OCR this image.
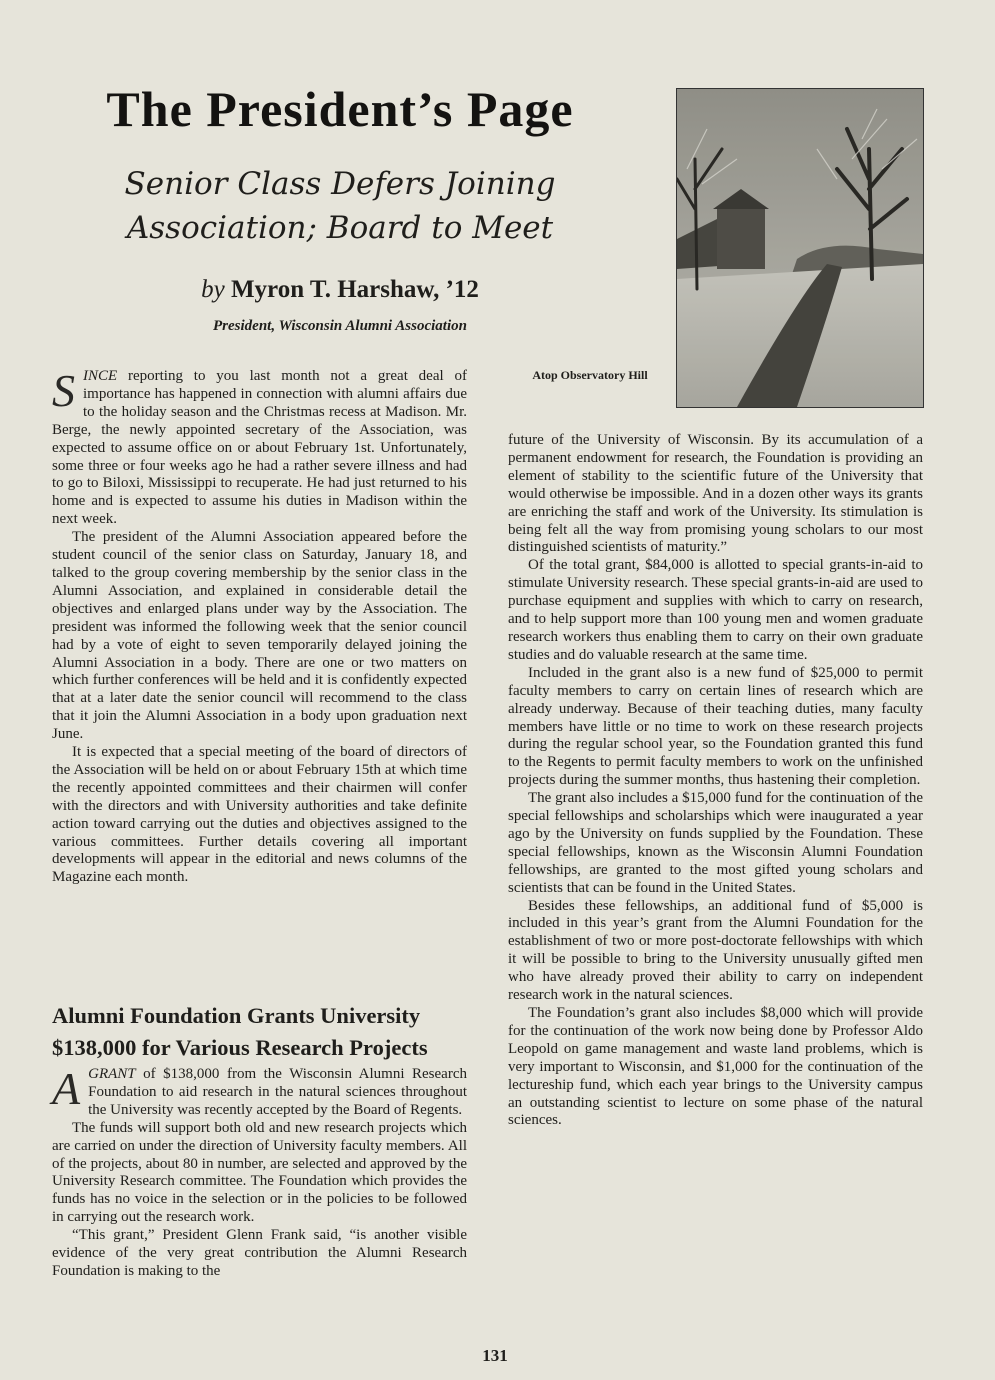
The President’s Page
Senior Class Defers Joining
Association; Board to Meet
by Myron T. Harshaw, ’12
President, Wisconsin Alumni Association
Atop Observatory Hill

SINCE reporting to you last month not a great deal of importance has happened in connection with alumni affairs due to the holiday season and the Christmas recess at Madison. Mr. Berge, the newly appointed secretary of the Association, was expected to assume office on or about February 1st. Unfortunately, some three or four weeks ago he had a rather severe illness and had to go to Biloxi, Mississippi to recuperate. He had just returned to his home and is expected to assume his duties in Madison within the next week.

The president of the Alumni Association appeared before the student council of the senior class on Saturday, January 18, and talked to the group covering membership by the senior class in the Alumni Association, and explained in considerable detail the objectives and enlarged plans under way by the Association. The president was informed the following week that the senior council had by a vote of eight to seven temporarily delayed joining the Alumni Association in a body. There are one or two matters on which further conferences will be held and it is confidently expected that at a later date the senior council will recommend to the class that it join the Alumni Association in a body upon graduation next June.

It is expected that a special meeting of the board of directors of the Association will be held on or about February 15th at which time the recently appointed committees and their chairmen will confer with the directors and with University authorities and take definite action toward carrying out the duties and objectives assigned to the various committees. Further details covering all important developments will appear in the editorial and news columns of the Magazine each month.

Alumni Foundation Grants University $138,000 for Various Research Projects

AGRANT of $138,000 from the Wisconsin Alumni Research Foundation to aid research in the natural sciences throughout the University was recently accepted by the Board of Regents.

The funds will support both old and new research projects which are carried on under the direction of University faculty members. All of the projects, about 80 in number, are selected and approved by the University Research committee. The Foundation which provides the funds has no voice in the selection or in the policies to be followed in carrying out the research work.

“This grant,” President Glenn Frank said, “is another visible evidence of the very great contribution the Alumni Research Foundation is making to the

future of the University of Wisconsin. By its accumulation of a permanent endowment for research, the Foundation is providing an element of stability to the scientific future of the University that would otherwise be impossible. And in a dozen other ways its grants are enriching the staff and work of the University. Its stimulation is being felt all the way from promising young scholars to our most distinguished scientists of maturity.”

Of the total grant, $84,000 is allotted to special grants-in-aid to stimulate University research. These special grants-in-aid are used to purchase equipment and supplies with which to carry on research, and to help support more than 100 young men and women graduate research workers thus enabling them to carry on their own graduate studies and do valuable research at the same time.

Included in the grant also is a new fund of $25,000 to permit faculty members to carry on certain lines of research which are already underway. Because of their teaching duties, many faculty members have little or no time to work on these research projects during the regular school year, so the Foundation granted this fund to the Regents to permit faculty members to work on the unfinished projects during the summer months, thus hastening their completion.

The grant also includes a $15,000 fund for the continuation of the special fellowships and scholarships which were inaugurated a year ago by the University on funds supplied by the Foundation. These special fellowships, known as the Wisconsin Alumni Foundation fellowships, are granted to the most gifted young scholars and scientists that can be found in the United States.

Besides these fellowships, an additional fund of $5,000 is included in this year’s grant from the Alumni Foundation for the establishment of two or more post-doctorate fellowships with which it will be possible to bring to the University unusually gifted men who have already proved their ability to carry on independent research work in the natural sciences.

The Foundation’s grant also includes $8,000 which will provide for the continuation of the work now being done by Professor Aldo Leopold on game management and waste land problems, which is very important to Wisconsin, and $1,000 for the continuation of the lectureship fund, which each year brings to the University campus an outstanding scientist to lecture on some phase of the natural sciences.

131
